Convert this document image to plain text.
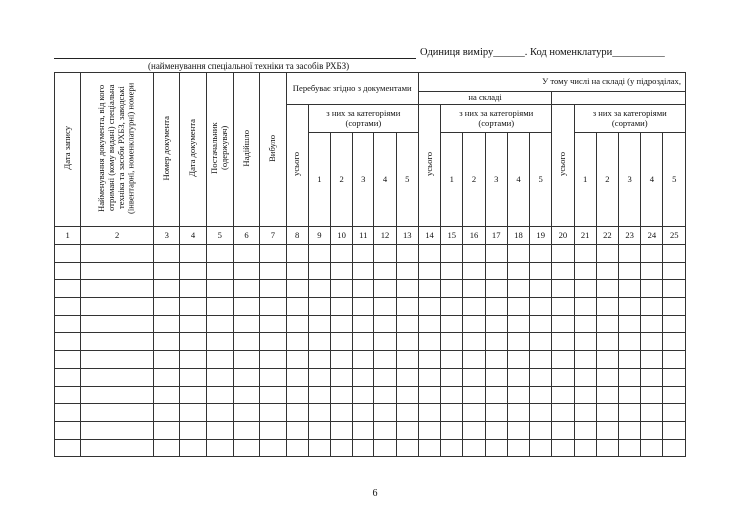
Одиниця виміру______. Код номенклатури__________
(найменування спеціальної техніки та засобів РХБЗ)
Дата запису	Найменування документа, від кого отримані (кому видані) спеціальна техніка та засоби РХБЗ, заводські (інвентарні, номенклатурні) номери	Номер документа	Дата документа	Постачальник (одержувач)	Надійшло	Вибуло	Перебуває згідно з документами						У тому числі на складі (у підрозділах,											
													на складі											
							усього	з них за категоріями (сортами)					усього	з них за категоріями (сортами)					усього	з них за категоріями (сортами)				
								1	2	3	4	5		1	2	3	4	5		1	2	3	4	5
1	2	3	4	5	6	7	8	9	10	11	12	13	14	15	16	17	18	19	20	21	22	23	24	25

6
